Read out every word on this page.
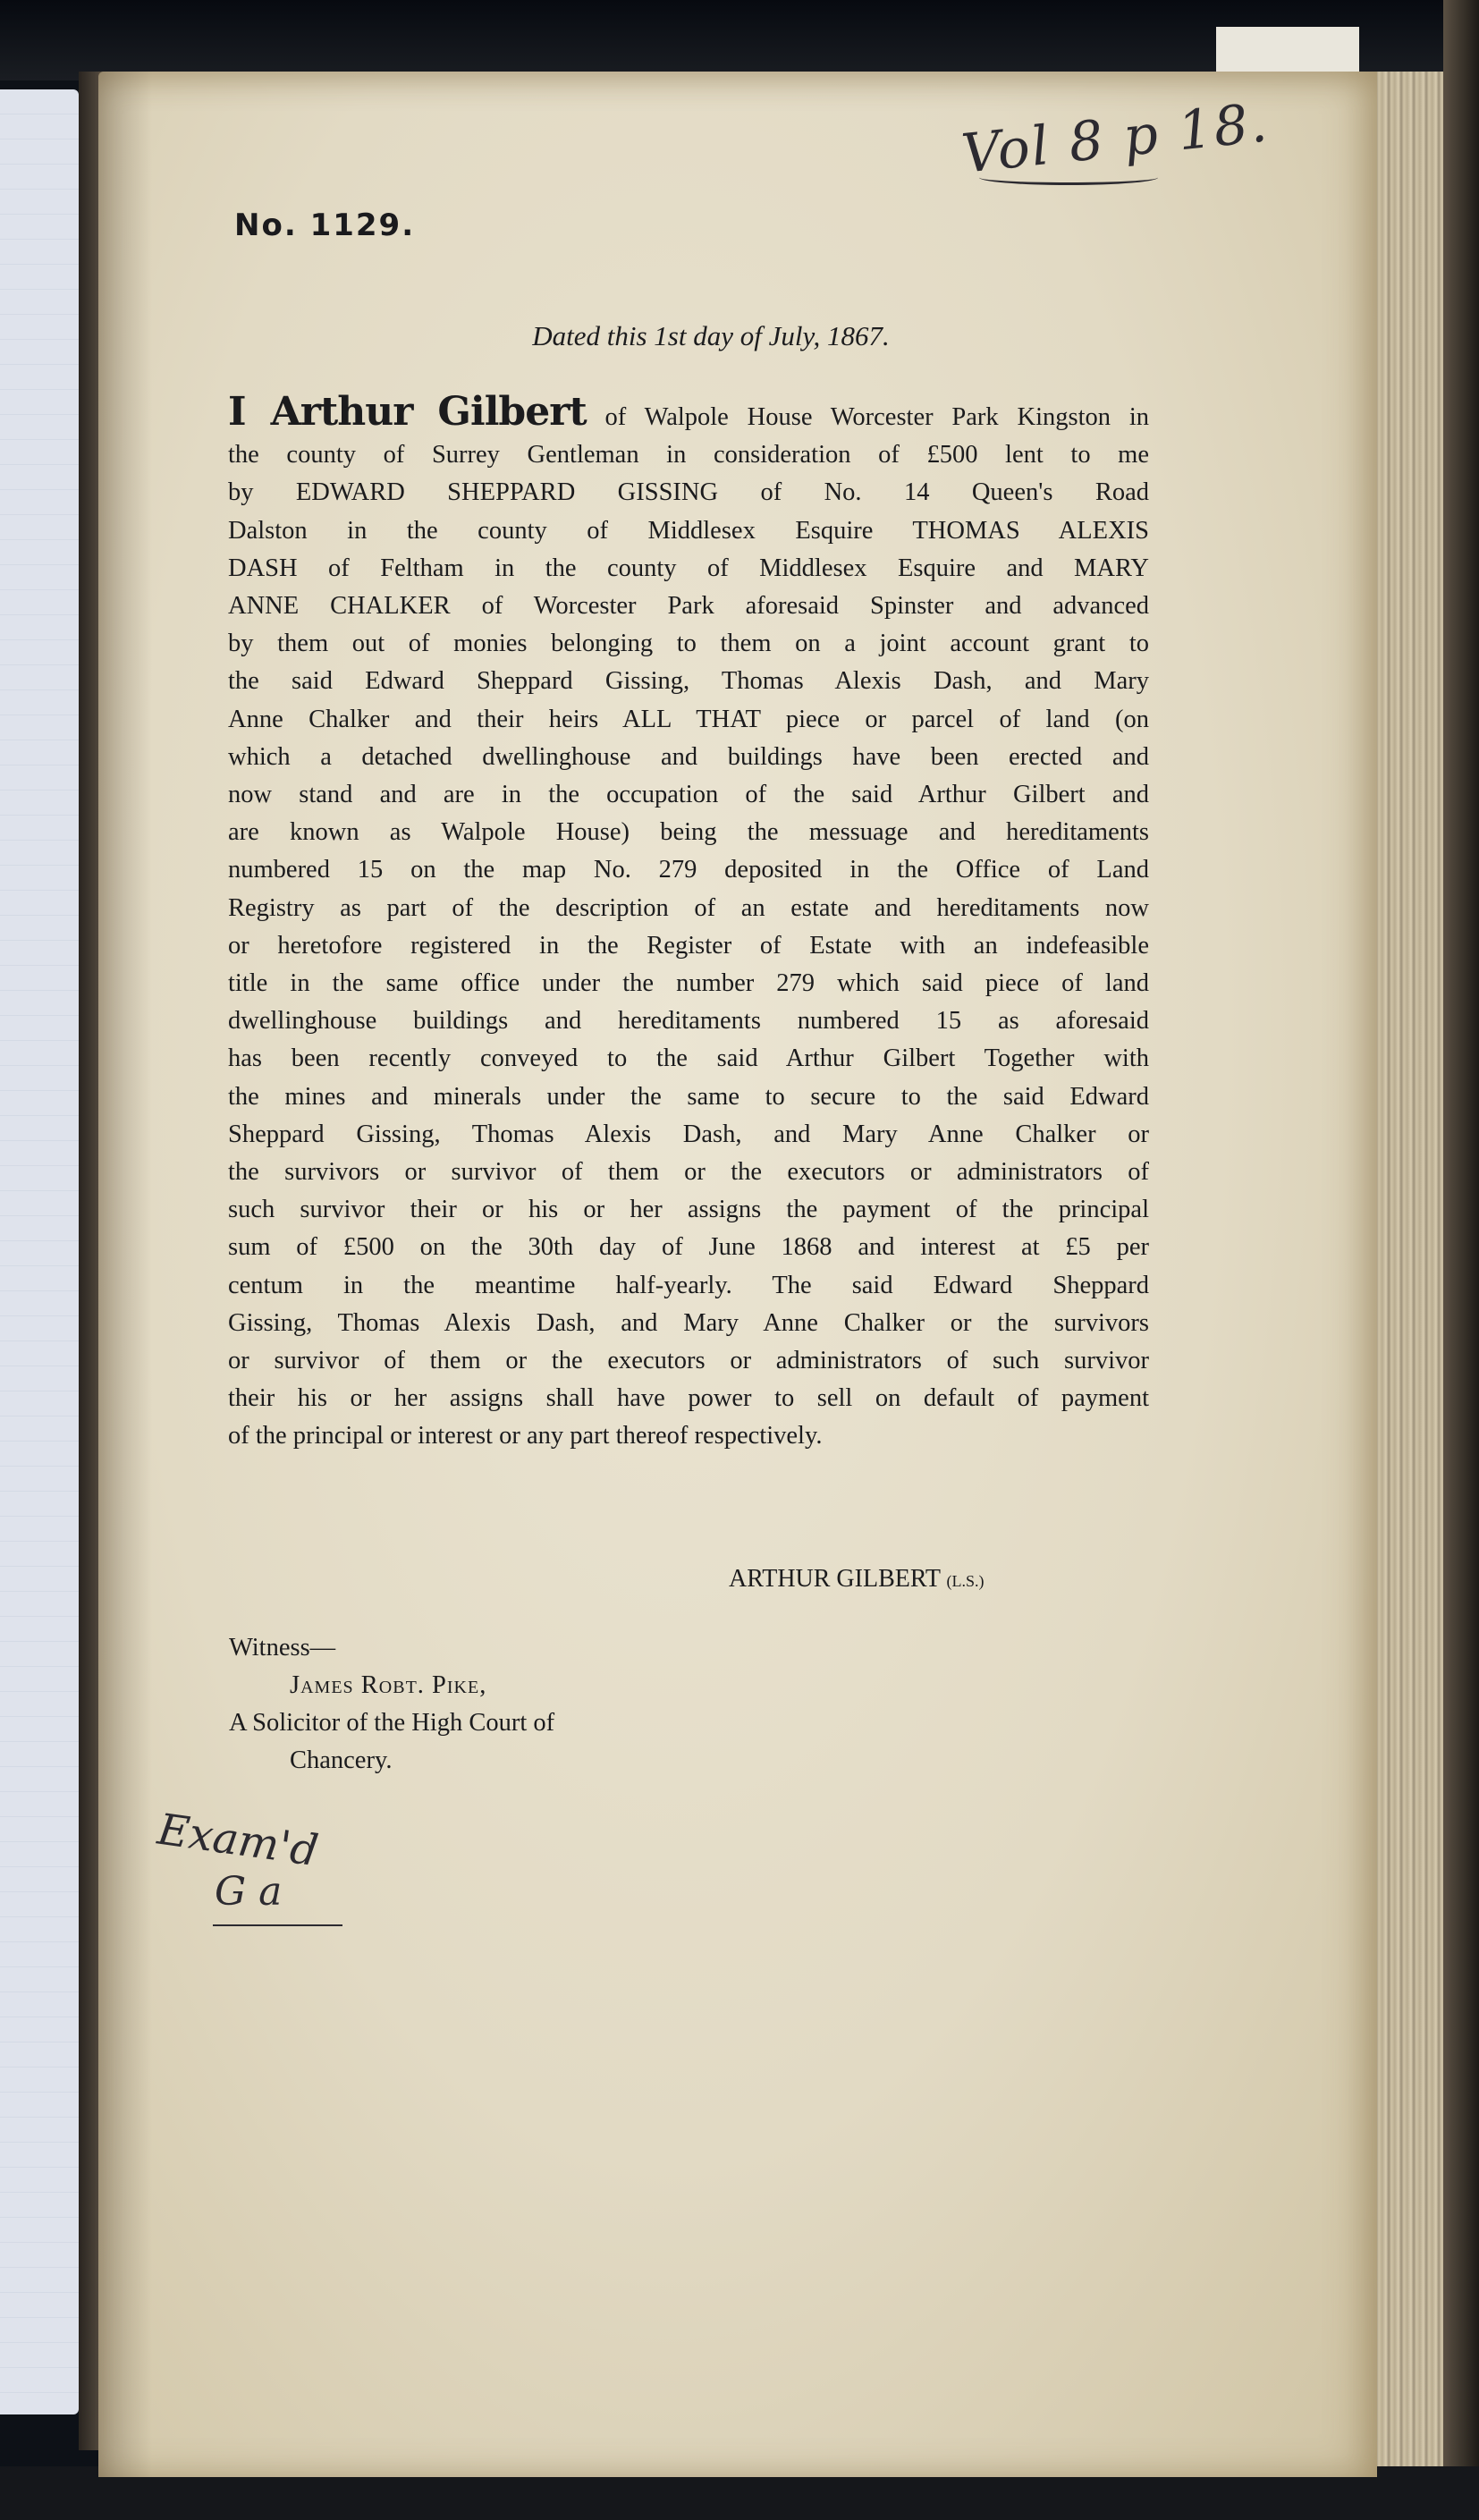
Vol 8 p 18.
No. 1129.
Dated this 1st day of July, 1867.
I Arthur Gilbert of Walpole House Worcester Park Kingston in
the county of Surrey Gentleman in consideration of £500 lent to me
by EDWARD SHEPPARD GISSING of No. 14 Queen's Road
Dalston in the county of Middlesex Esquire THOMAS ALEXIS
DASH of Feltham in the county of Middlesex Esquire and MARY
ANNE CHALKER of Worcester Park aforesaid Spinster and advanced
by them out of monies belonging to them on a joint account grant to
the said Edward Sheppard Gissing, Thomas Alexis Dash, and Mary
Anne Chalker and their heirs ALL THAT piece or parcel of land (on
which a detached dwellinghouse and buildings have been erected and
now stand and are in the occupation of the said Arthur Gilbert and
are known as Walpole House) being the messuage and hereditaments
numbered 15 on the map No. 279 deposited in the Office of Land
Registry as part of the description of an estate and hereditaments now
or heretofore registered in the Register of Estate with an indefeasible
title in the same office under the number 279 which said piece of land
dwellinghouse buildings and hereditaments numbered 15 as aforesaid
has been recently conveyed to the said Arthur Gilbert Together with
the mines and minerals under the same to secure to the said Edward
Sheppard Gissing, Thomas Alexis Dash, and Mary Anne Chalker or
the survivors or survivor of them or the executors or administrators of
such survivor their or his or her assigns the payment of the principal
sum of £500 on the 30th day of June 1868 and interest at £5 per
centum in the meantime half-yearly. The said Edward Sheppard
Gissing, Thomas Alexis Dash, and Mary Anne Chalker or the survivors
or survivor of them or the executors or administrators of such survivor
their his or her assigns shall have power to sell on default of payment
of the principal or interest or any part thereof respectively.
ARTHUR GILBERT (L.S.)
Witness—
James Robt. Pike,
A Solicitor of the High Court of
Chancery.
Exam'd
G a
